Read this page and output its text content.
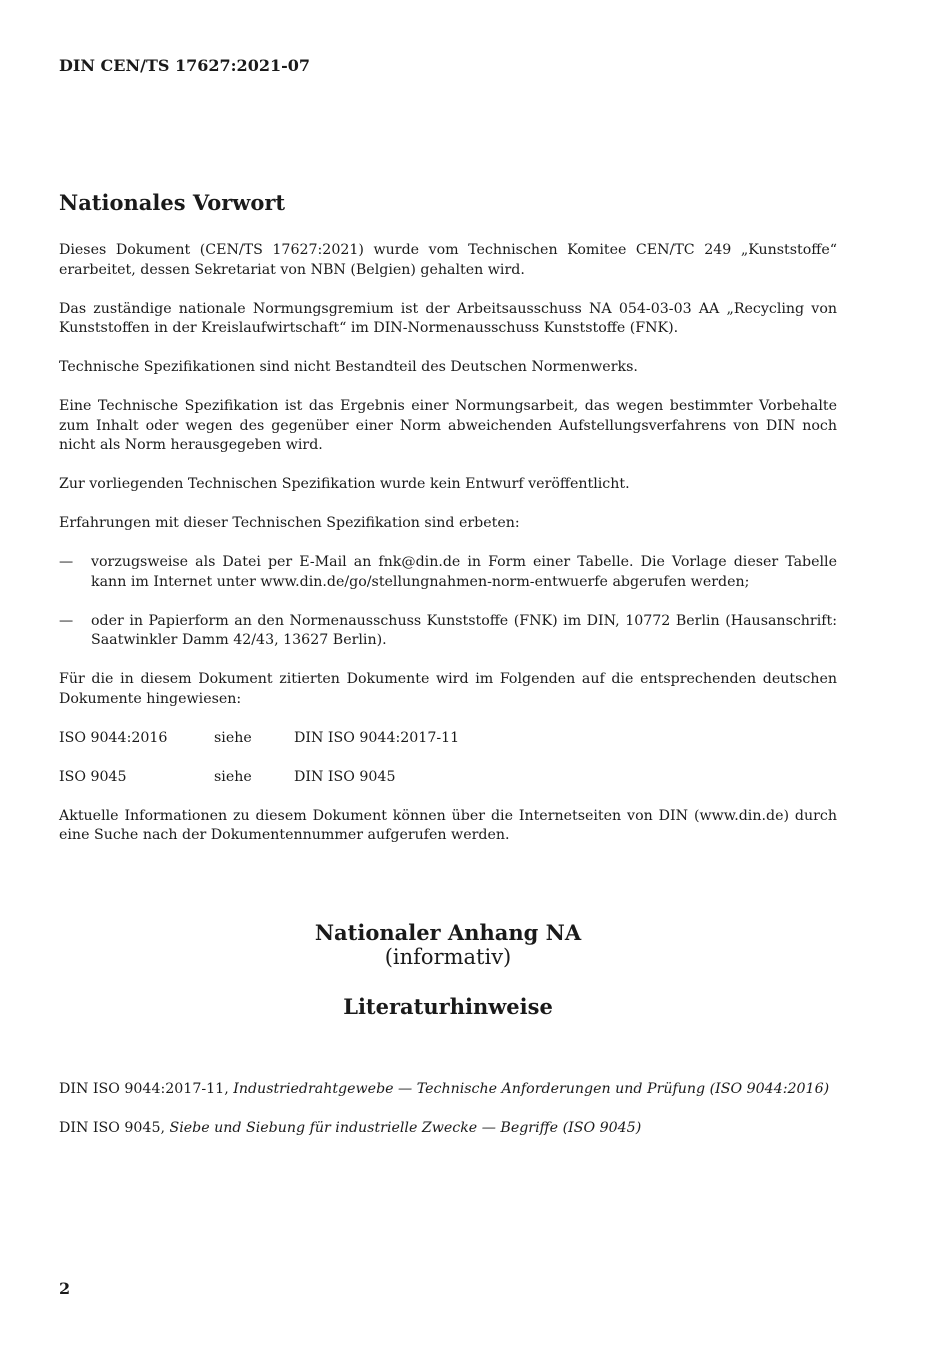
DIN CEN/TS 17627:2021-07

Nationales Vorwort

Dieses Dokument (CEN/TS 17627:2021) wurde vom Technischen Komitee CEN/TC 249 „Kunststoffe“ erarbeitet, dessen Sekretariat von NBN (Belgien) gehalten wird.

Das zuständige nationale Normungsgremium ist der Arbeitsausschuss NA 054-03-03 AA „Recycling von Kunststoffen in der Kreislaufwirtschaft“ im DIN-Normenausschuss Kunststoffe (FNK).

Technische Spezifikationen sind nicht Bestandteil des Deutschen Normenwerks.

Eine Technische Spezifikation ist das Ergebnis einer Normungsarbeit, das wegen bestimmter Vorbehalte zum Inhalt oder wegen des gegenüber einer Norm abweichenden Aufstellungsverfahrens von DIN noch nicht als Norm herausgegeben wird.

Zur vorliegenden Technischen Spezifikation wurde kein Entwurf veröffentlicht.

Erfahrungen mit dieser Technischen Spezifikation sind erbeten:

—	vorzugsweise als Datei per E-Mail an fnk@din.de in Form einer Tabelle. Die Vorlage dieser Tabelle kann im Internet unter www.din.de/go/stellungnahmen-norm-entwuerfe abgerufen werden;
—	oder in Papierform an den Normenausschuss Kunststoffe (FNK) im DIN, 10772 Berlin (Hausanschrift: Saatwinkler Damm 42/43, 13627 Berlin).

Für die in diesem Dokument zitierten Dokumente wird im Folgenden auf die entsprechenden deutschen Dokumente hingewiesen:

ISO 9044:2016	siehe	DIN ISO 9044:2017-11
ISO 9045	siehe	DIN ISO 9045

Aktuelle Informationen zu diesem Dokument können über die Internetseiten von DIN (www.din.de) durch eine Suche nach der Dokumentennummer aufgerufen werden.

Nationaler Anhang NA

(informativ)

Literaturhinweise

DIN ISO 9044:2017-11, Industriedrahtgewebe — Technische Anforderungen und Prüfung (ISO 9044:2016)

DIN ISO 9045, Siebe und Siebung für industrielle Zwecke — Begriffe (ISO 9045)

2
